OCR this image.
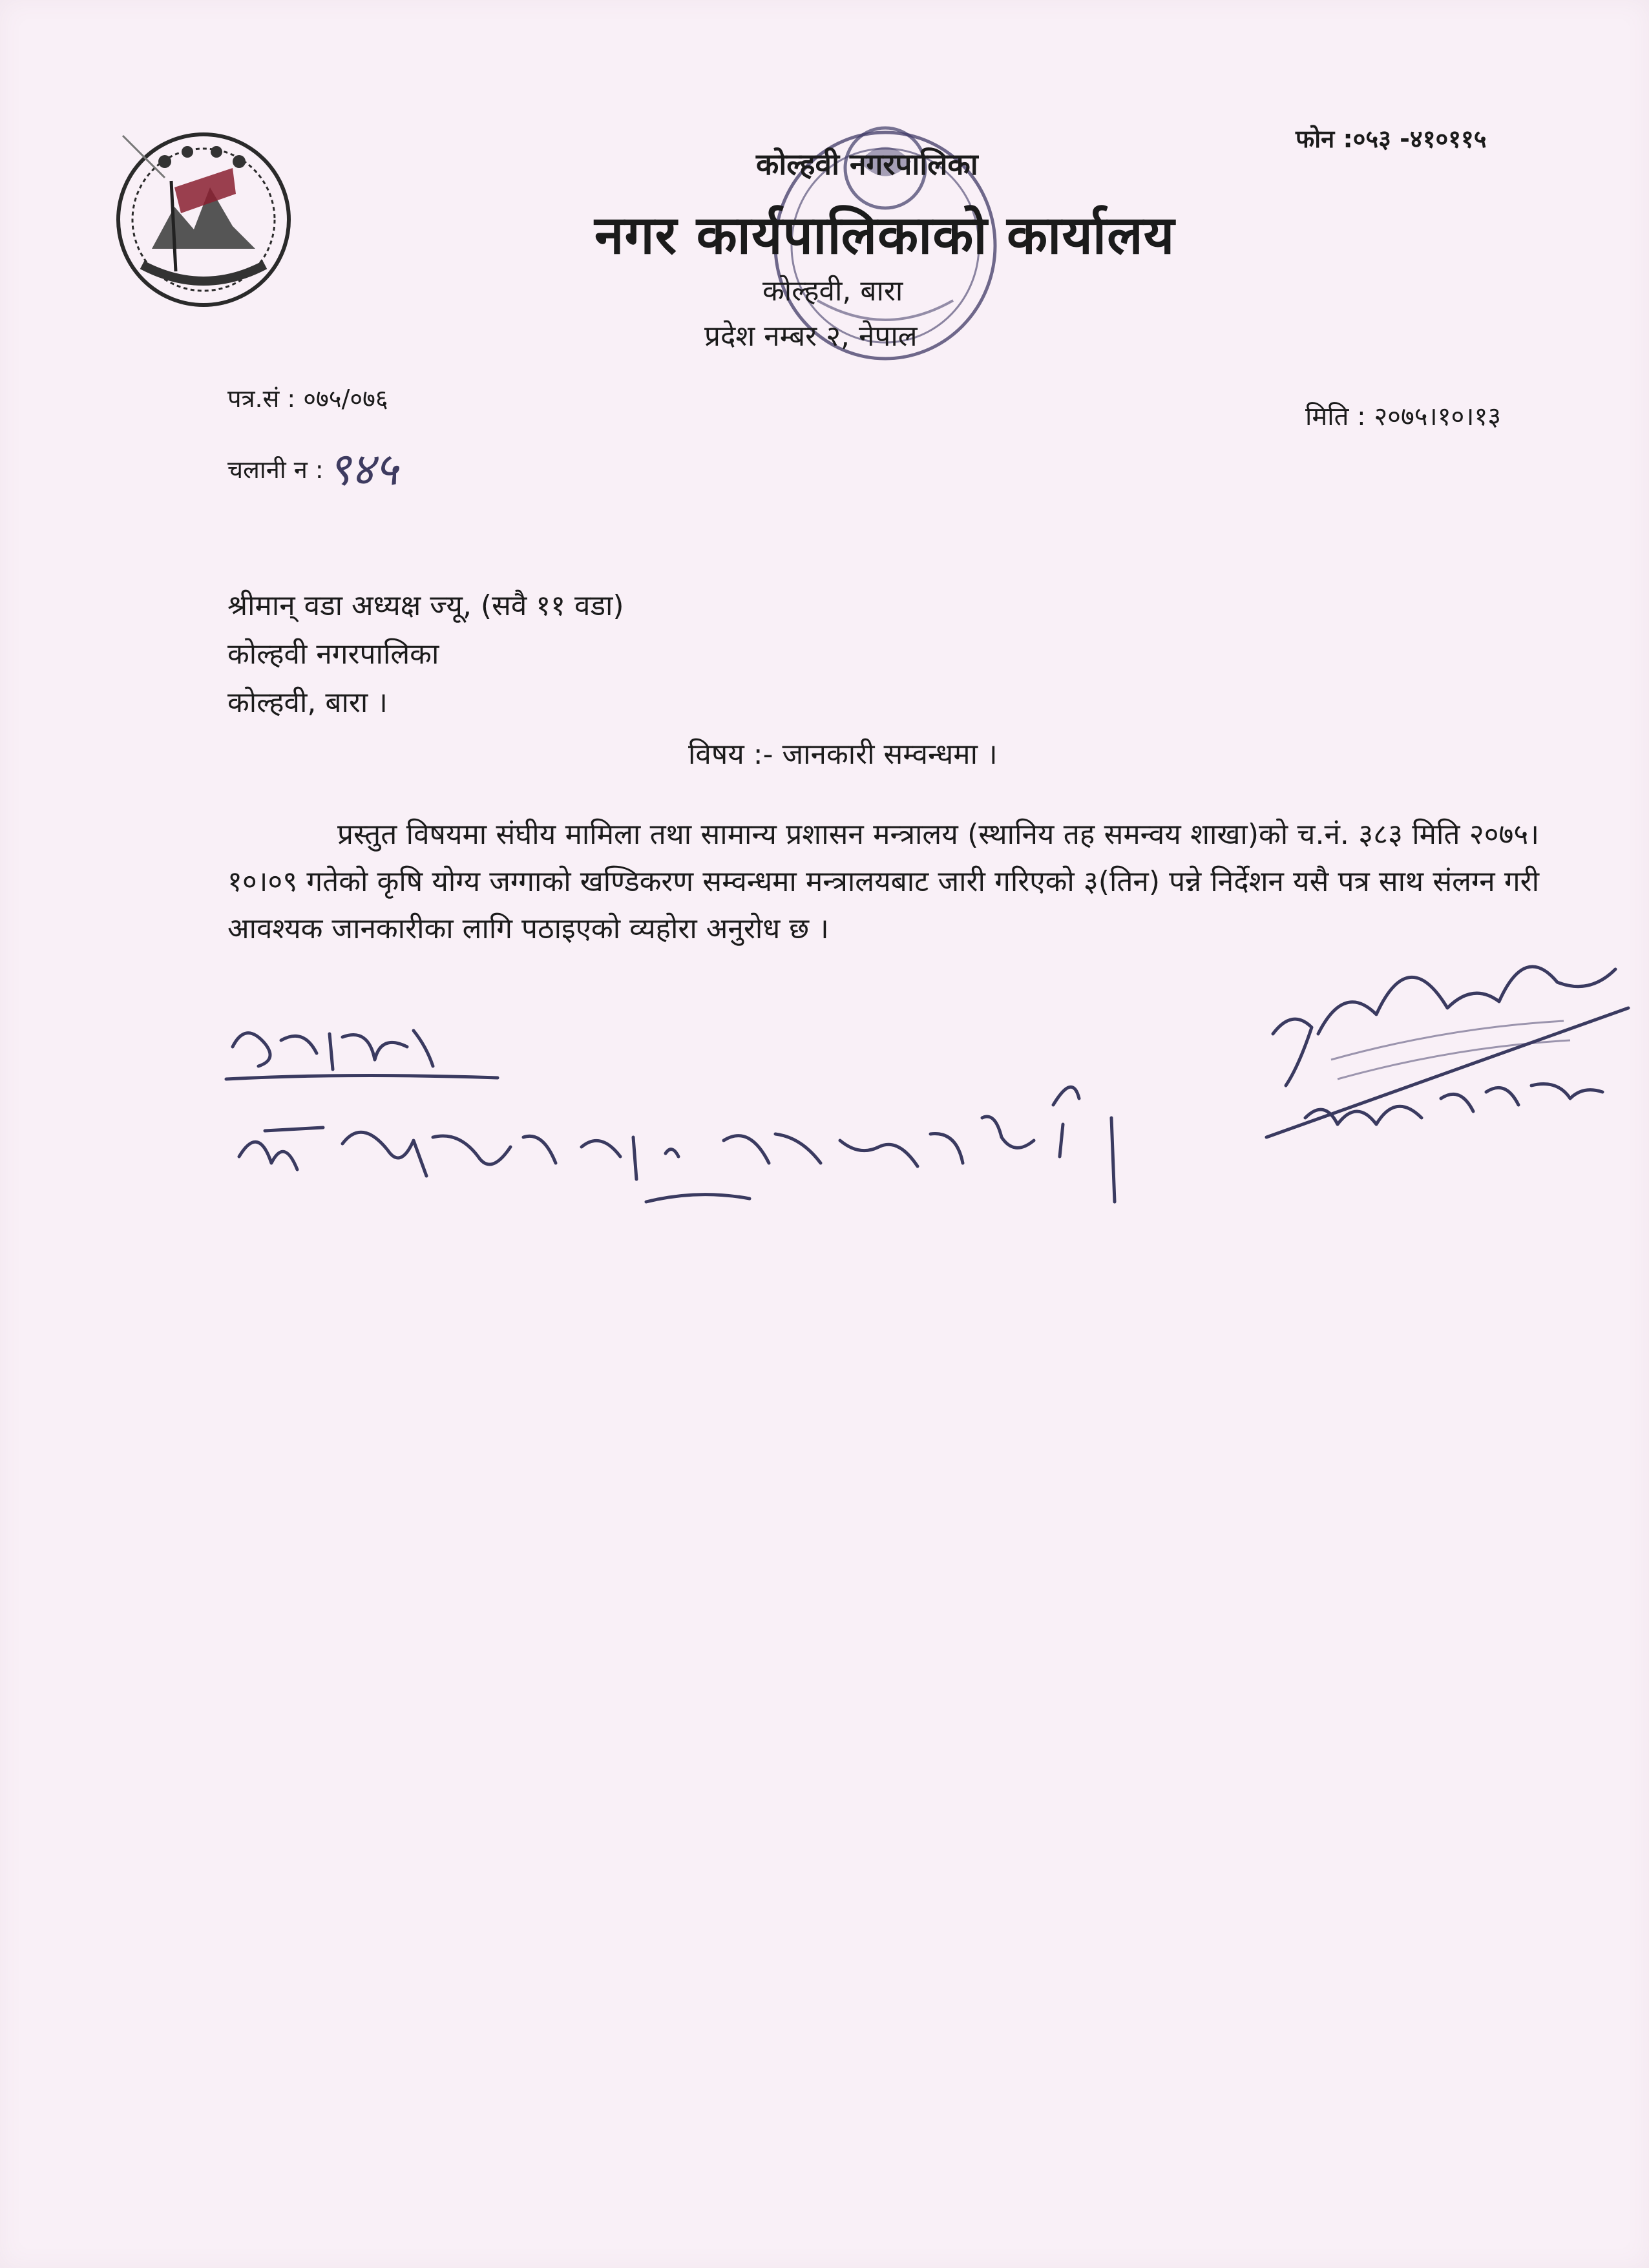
कोल्हवी नगरपालिका
नगर कार्यपालिकाको कार्यालय
कोल्हवी, बारा
प्रदेश नम्बर २, नेपाल
फोन :०५३ -४१०११५
पत्र.सं : ०७५/०७६
चलानी न :९४५
मिति : २०७५।१०।१३
श्रीमान् वडा अध्यक्ष ज्यू, (सवै ११ वडा)
कोल्हवी नगरपालिका
कोल्हवी, बारा ।
विषय :- जानकारी सम्वन्धमा ।

प्रस्तुत विषयमा संघीय मामिला तथा सामान्य प्रशासन मन्त्रालय (स्थानिय तह समन्वय शाखा)को च.नं. ३८३ मिति २०७५।१०।०९ गतेको कृषि योग्य जग्गाको खण्डिकरण सम्वन्धमा मन्त्रालयबाट जारी गरिएको ३(तिन) पन्ने निर्देशन यसै पत्र साथ संलग्न गरी आवश्यक जानकारीका लागि पठाइएको व्यहोरा अनुरोध छ ।
